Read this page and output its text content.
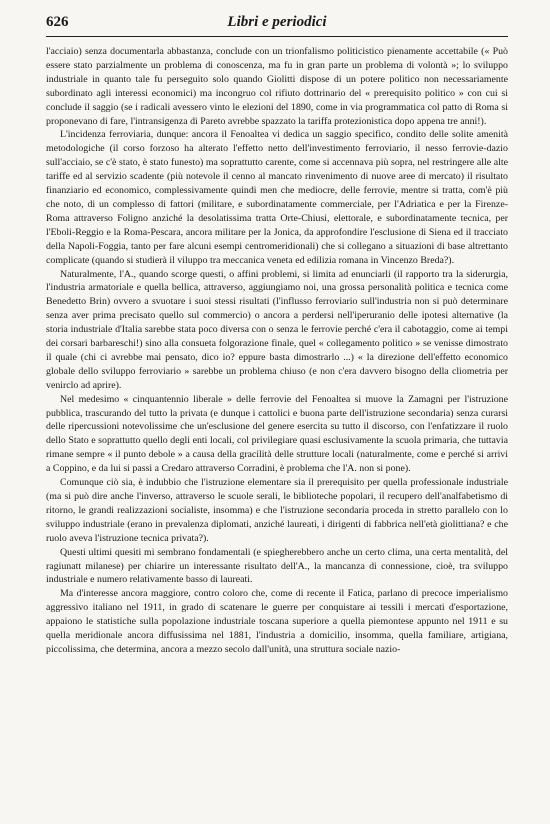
626	Libri e periodici

l'acciaio) senza documentarla abbastanza, conclude con un trionfalismo politicistico pienamente accettabile (« Può essere stato parzialmente un problema di conoscenza, ma fu in gran parte un problema di volontà »; lo sviluppo industriale in quanto tale fu perseguito solo quando Giolitti dispose di un potere politico non necessariamente subordinato agli interessi economici) ma incongruo col rifiuto dottrinario del « prerequisito politico » con cui si conclude il saggio (se i radicali avessero vinto le elezioni del 1890, come in via programmatica col patto di Roma si proponevano di fare, l'intransigenza di Pareto avrebbe spazzato la tariffa protezionistica dopo appena tre anni!).

L'incidenza ferroviaria, dunque: ancora il Fenoaltea vi dedica un saggio specifico, condito delle solite amenità metodologiche (il corso forzoso ha alterato l'effetto netto dell'investimento ferroviario, il nesso ferrovie-dazio sull'acciaio, se c'è stato, è stato funesto) ma soprattutto carente, come si accennava più sopra, nel restringere alle alte tariffe ed al servizio scadente (più notevole il cenno al mancato rinvenimento di nuove aree di mercato) il risultato finanziario ed economico, complessivamente quindi men che mediocre, delle ferrovie, mentre si tratta, com'è più che noto, di un complesso di fattori (militare, e subordinatamente commerciale, per l'Adriatica e per la Firenze-Roma attraverso Foligno anziché la desolatissima tratta Orte-Chiusi, elettorale, e subordinatamente tecnica, per l'Eboli-Reggio e la Roma-Pescara, ancora militare per la Jonica, da approfondire l'esclusione di Siena ed il tracciato della Napoli-Foggia, tanto per fare alcuni esempi centromeridionali) che si collegano a situazioni di base altrettanto complicate (quando si studierà il viluppo tra meccanica veneta ed edilizia romana in Vincenzo Breda?).

Naturalmente, l'A., quando scorge questi, o affini problemi, si limita ad enunciarli (il rapporto tra la siderurgia, l'industria armatoriale e quella bellica, attraverso, aggiungiamo noi, una grossa personalità politica e tecnica come Benedetto Brin) ovvero a svuotare i suoi stessi risultati (l'influsso ferroviario sull'industria non si può determinare senza aver prima precisato quello sul commercio) o ancora a perdersi nell'iperuranio delle ipotesi alternative (la storia industriale d'Italia sarebbe stata poco diversa con o senza le ferrovie perché c'era il cabotaggio, come ai tempi dei corsari barbareschi!) sino alla consueta folgorazione finale, quel « collegamento politico » se venisse dimostrato il quale (chi ci avrebbe mai pensato, dico io? eppure basta dimostrarlo ...) « la direzione dell'effetto economico globale dello sviluppo ferroviario » sarebbe un problema chiuso (e non c'era davvero bisogno della cliometria per venirclo ad aprire).

Nel medesimo « cinquantennio liberale » delle ferrovie del Fenoaltea si muove la Zamagni per l'istruzione pubblica, trascurando del tutto la privata (e dunque i cattolici e buona parte dell'istruzione secondaria) senza curarsi delle ripercussioni notevolissime che un'esclusione del genere esercita su tutto il discorso, con l'enfatizzare il ruolo dello Stato e soprattutto quello degli enti locali, col privilegiare quasi esclusivamente la scuola primaria, che tuttavia rimane sempre « il punto debole » a causa della gracilità delle strutture locali (naturalmente, come e perché si arrivi a Coppino, e da lui si passi a Credaro attraverso Corradini, è problema che l'A. non si pone).

Comunque ciò sia, è indubbio che l'istruzione elementare sia il prerequisito per quella professionale industriale (ma si può dire anche l'inverso, attraverso le scuole serali, le biblioteche popolari, il recupero dell'analfabetismo di ritorno, le grandi realizzazioni socialiste, insomma) e che l'istruzione secondaria proceda in stretto parallelo con lo sviluppo industriale (erano in prevalenza diplomati, anziché laureati, i dirigenti di fabbrica nell'età giolittiana? e che ruolo aveva l'istruzione tecnica privata?).

Questi ultimi quesiti mi sembrano fondamentali (e spiegherebbero anche un certo clima, una certa mentalità, del ragiunatt milanese) per chiarire un interessante risultato dell'A., la mancanza di connessione, cioè, tra sviluppo industriale e numero relativamente basso di laureati.

Ma d'interesse ancora maggiore, contro coloro che, come di recente il Fatica, parlano di precoce imperialismo aggressivo italiano nel 1911, in grado di scatenare le guerre per conquistare ai tessili i mercati d'esportazione, appaiono le statistiche sulla popolazione industriale toscana superiore a quella piemontese appunto nel 1911 e su quella meridionale ancora diffusissima nel 1881, l'industria a domicilio, insomma, quella familiare, artigiana, piccolissima, che determina, ancora a mezzo secolo dall'unità, una struttura sociale nazio-
